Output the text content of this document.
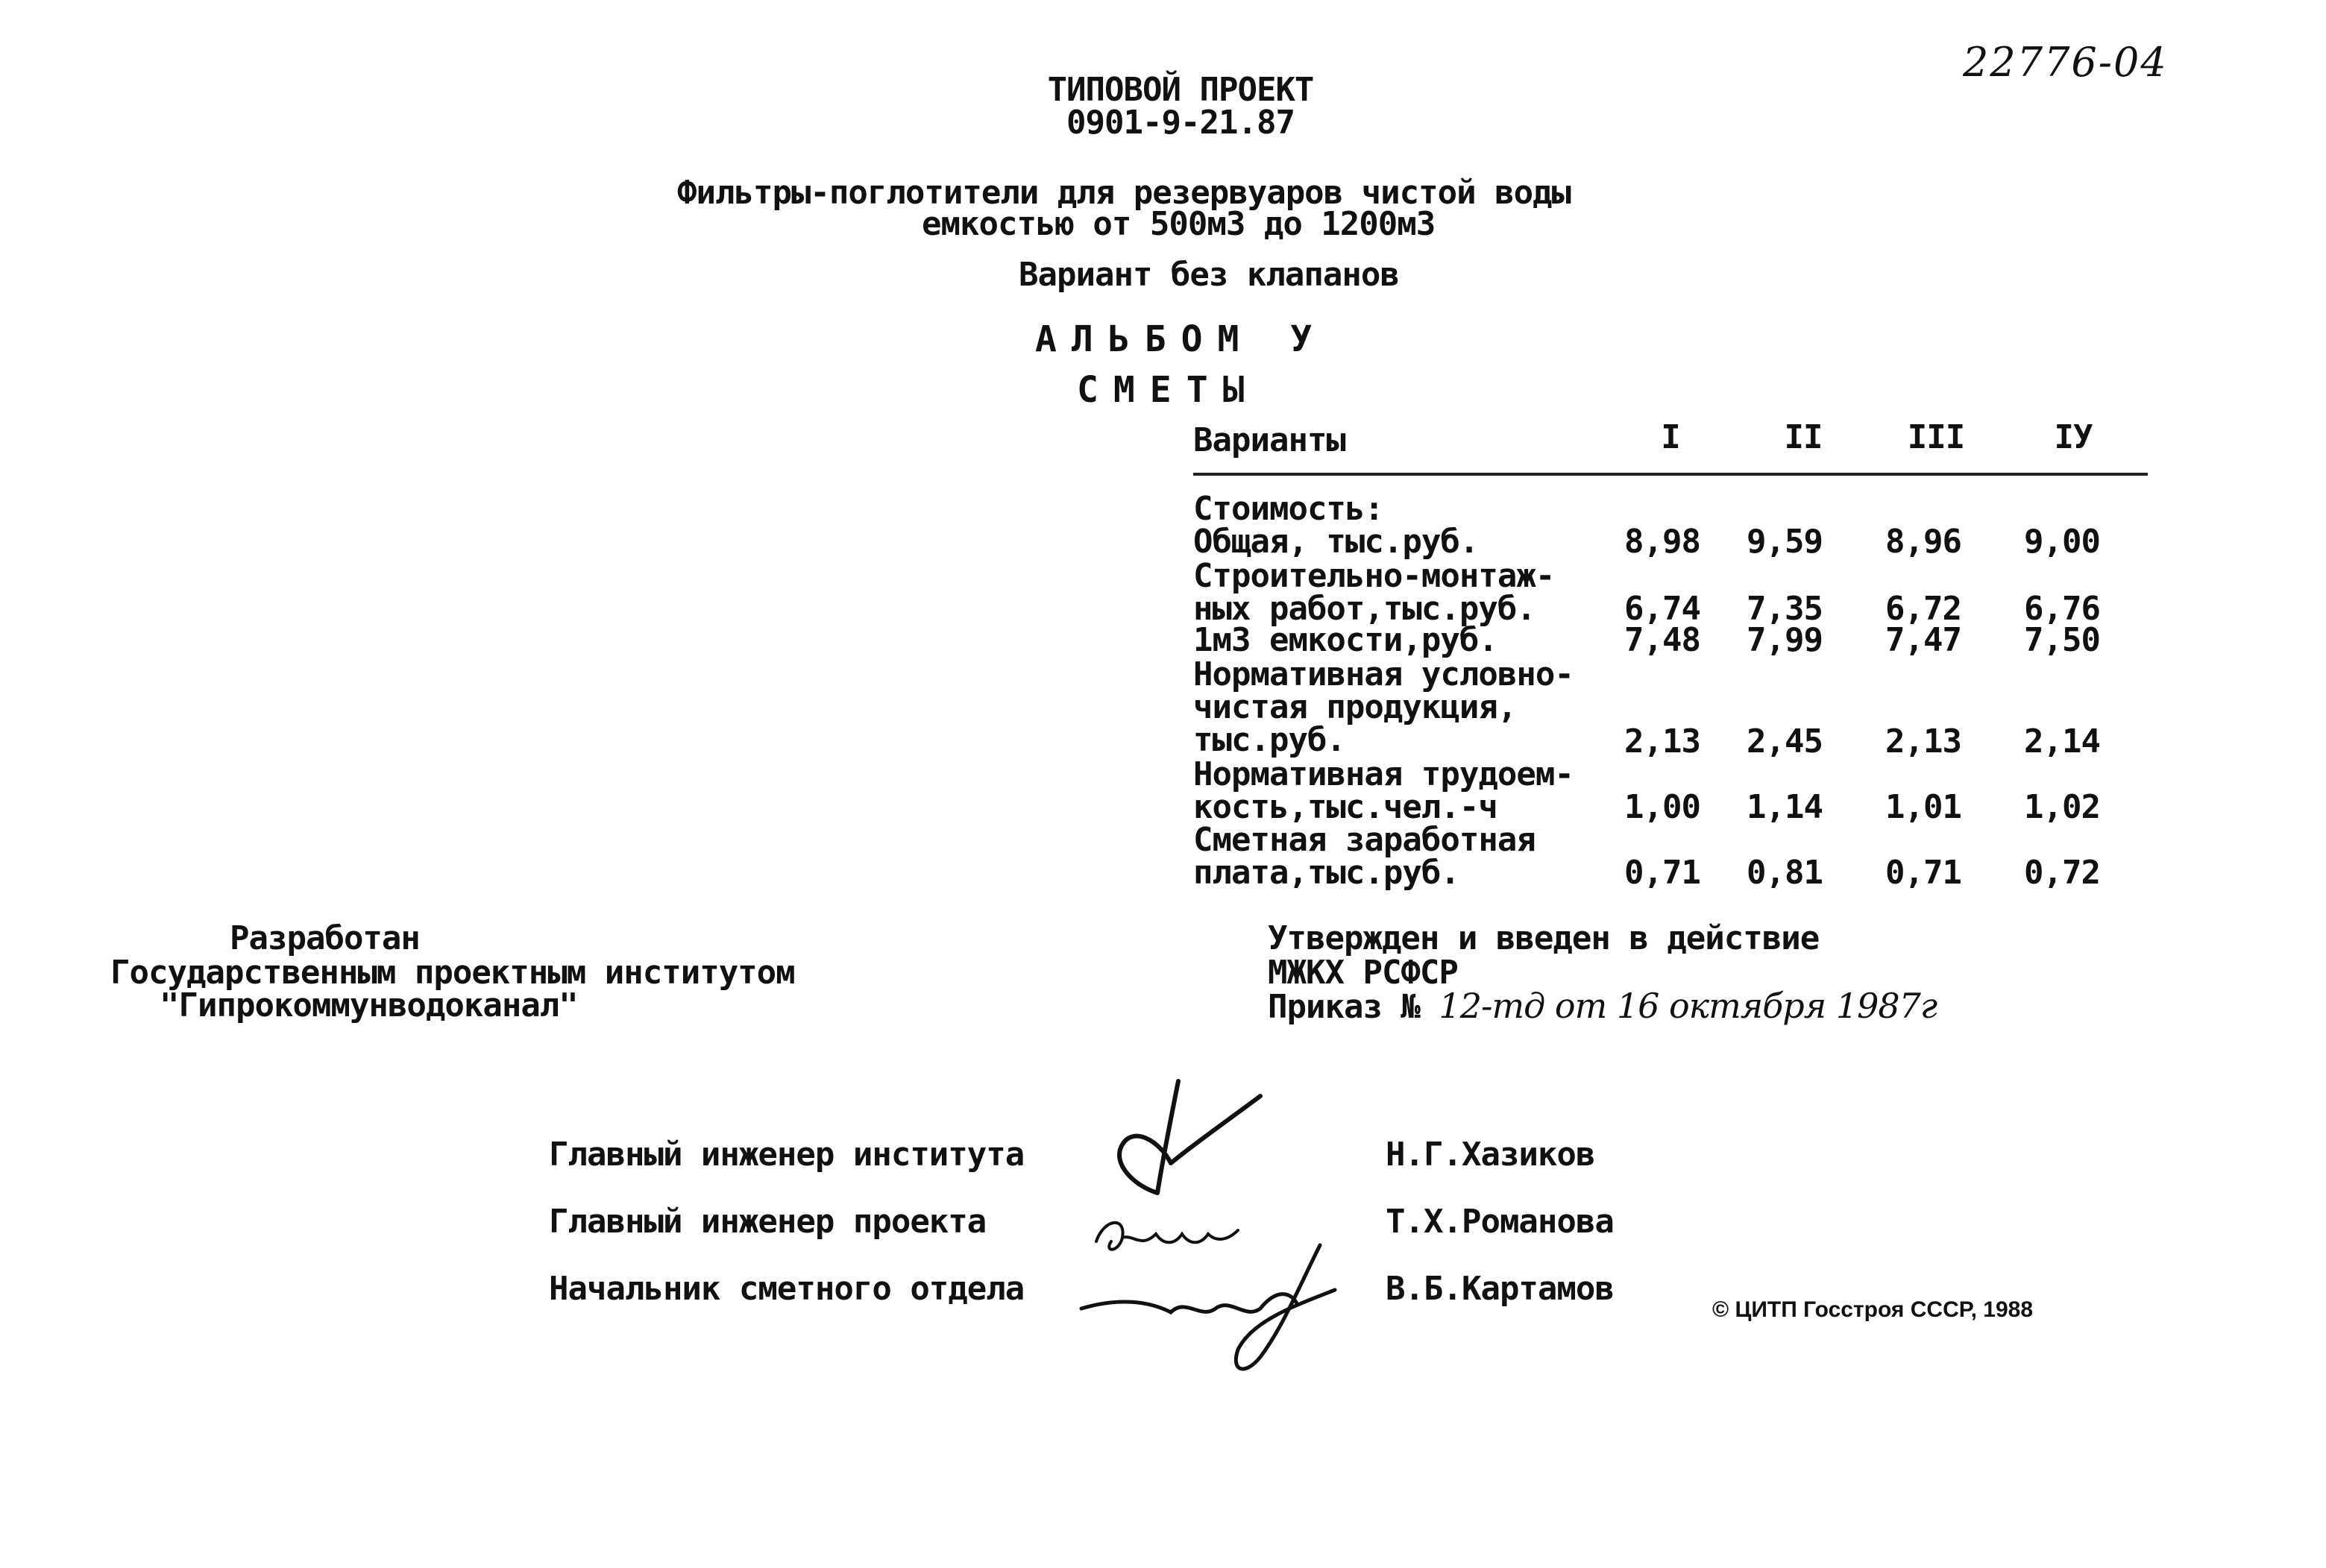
22776-04
ТИПОВОЙ ПРОЕКТ
0901-9-21.87
Фильтры-поглотители для резервуаров чистой воды
емкостью от 500м3 до 1200м3
Вариант без клапанов
АЛЬБОМ У
СМЕТЫ
Варианты	I	II	III	IУ
Стоимость:
Общая, тыс.руб.	8,98	9,59	8,96	9,00
Строительно-монтаж-
ных работ,тыс.руб.	6,74	7,35	6,72	6,76
1м3 емкости,руб.	7,48	7,99	7,47	7,50
Нормативная условно-
чистая продукция,
тыс.руб.	2,13	2,45	2,13	2,14
Нормативная трудоем-
кость,тыс.чел.-ч	1,00	1,14	1,01	1,02
Сметная заработная
плата,тыс.руб.	0,71	0,81	0,71	0,72
Разработан
Государственным проектным институтом
"Гипрокоммунводоканал"
Утвержден и введен в действие
МЖКХ РСФСР
Приказ № 12-тд от 16 октября 1987г
Главный инженер института	Н.Г.Хазиков
Главный инженер проекта	Т.Х.Романова
Начальник сметного отдела	В.Б.Картамов
© ЦИТП Госстроя СССР, 1988
